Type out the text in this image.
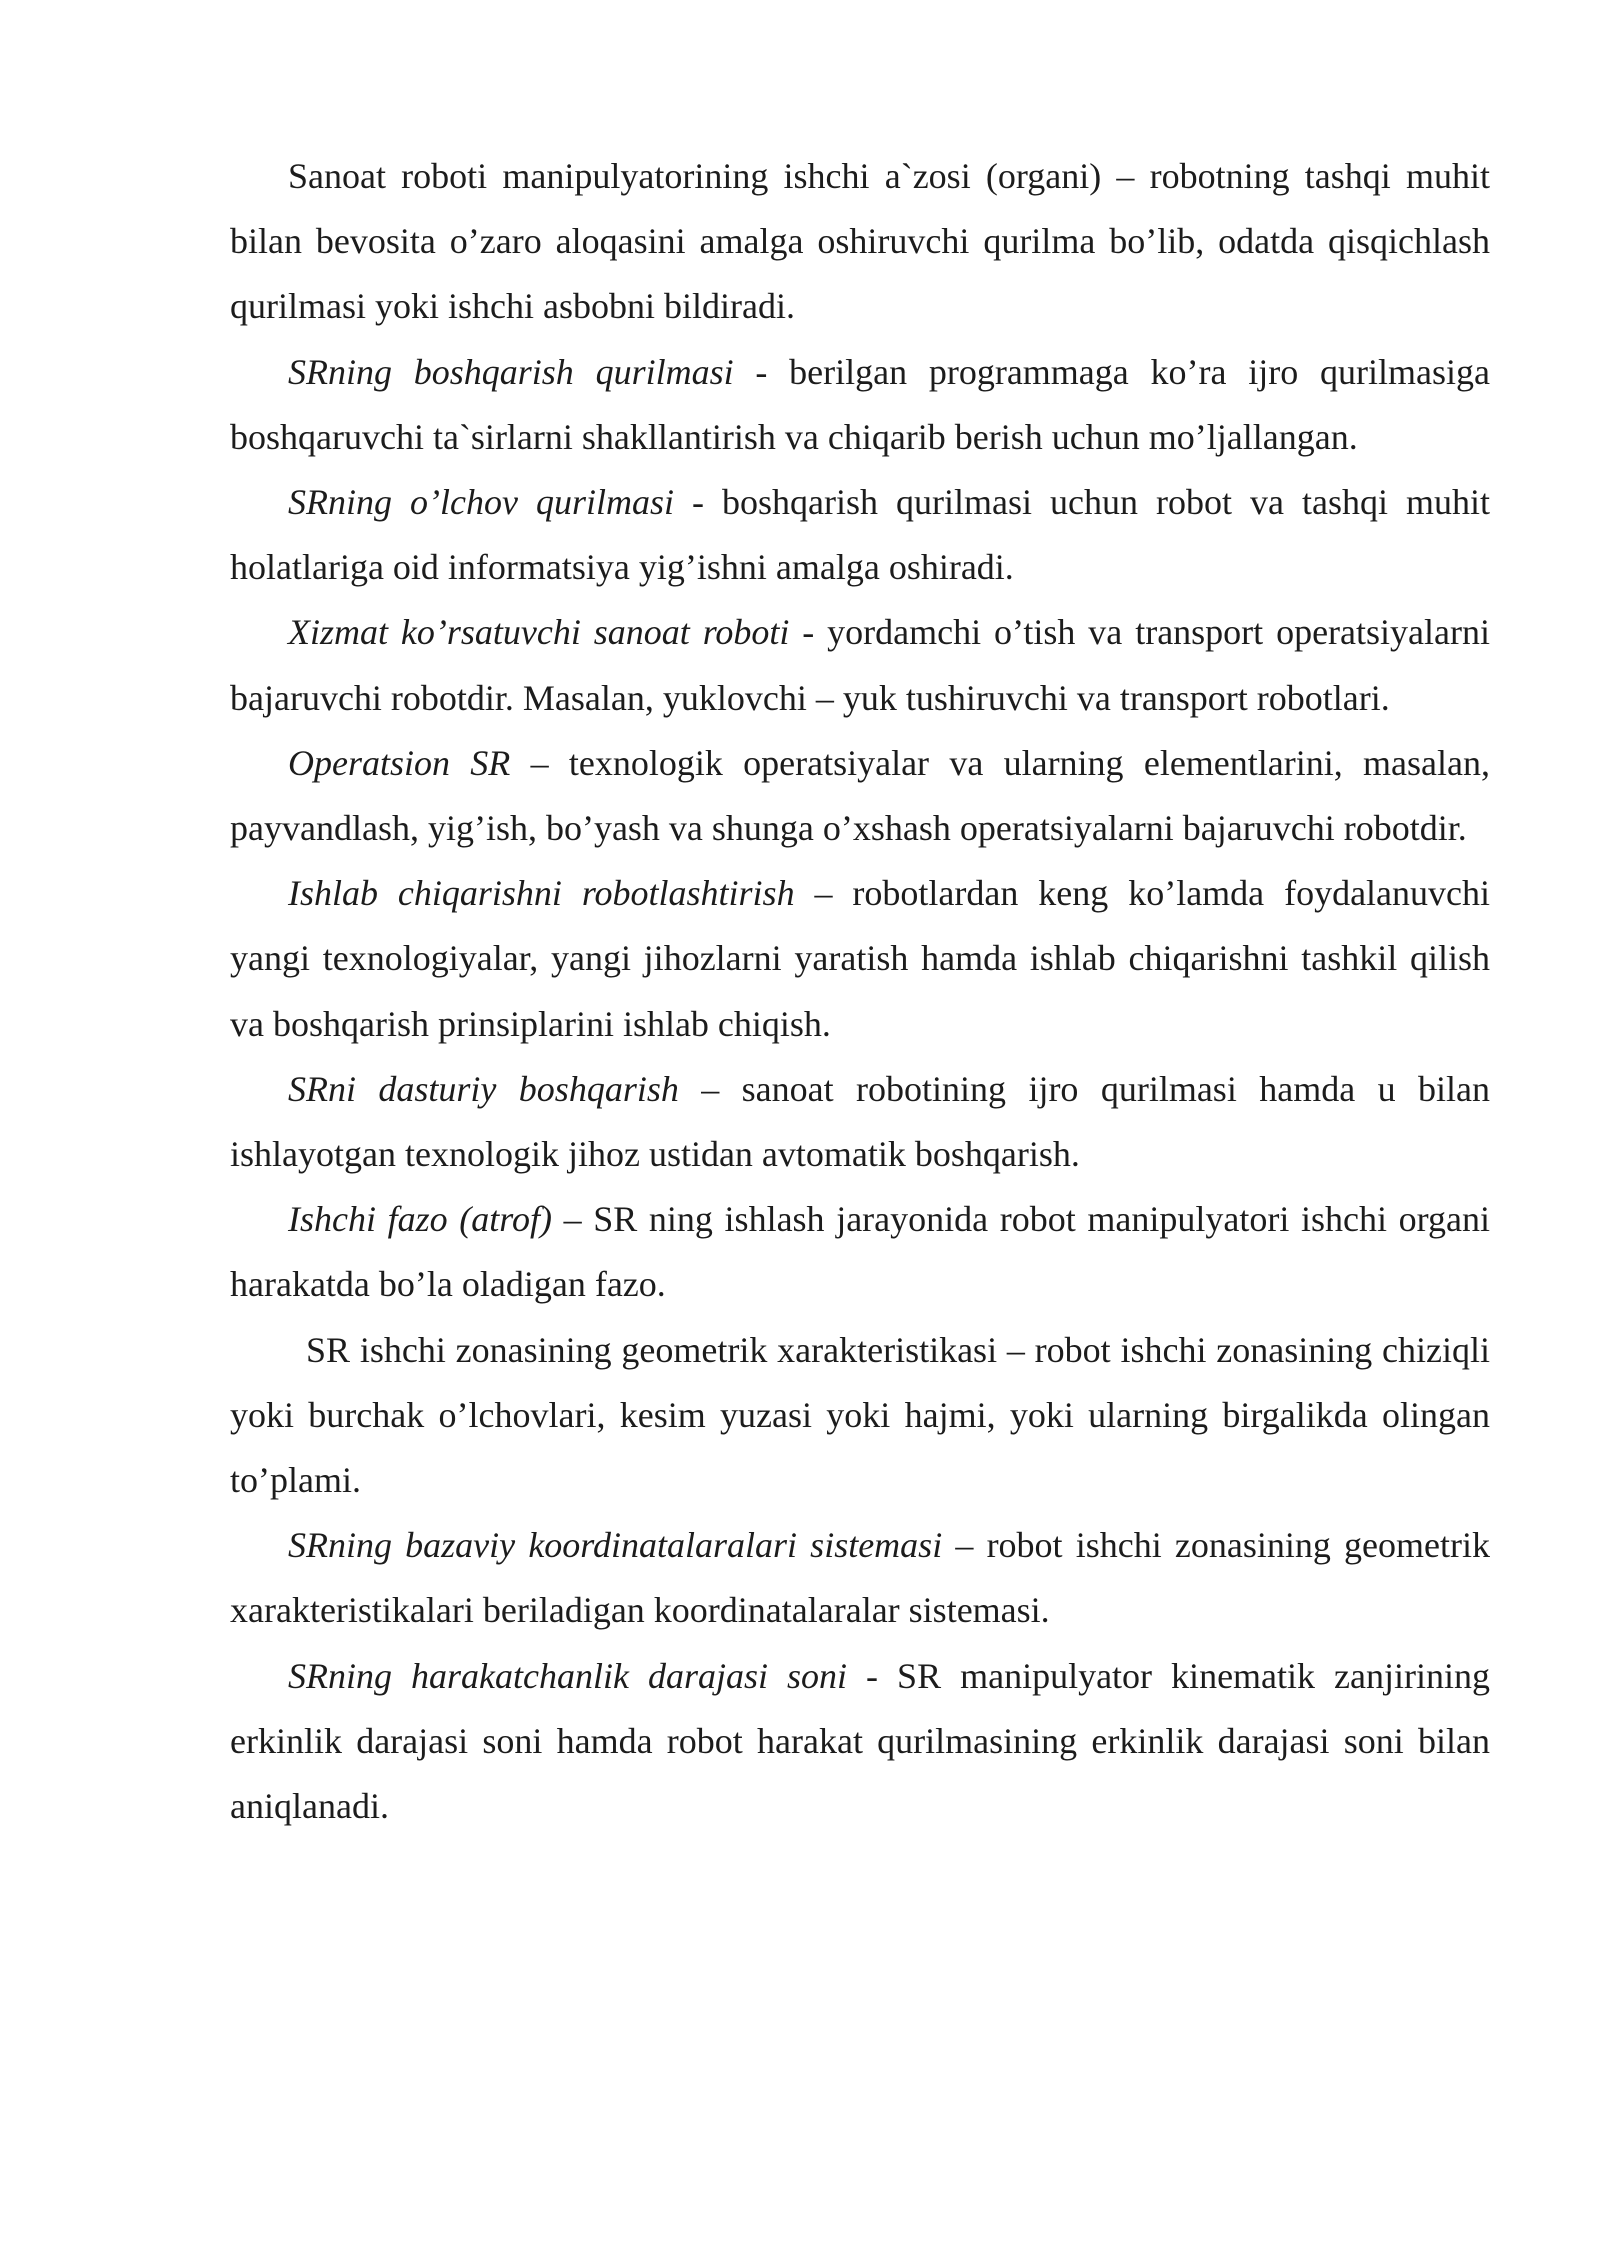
Sanoat roboti manipulyatorining ishchi a`zosi (organi) – robotning tashqi muhit bilan bevosita o’zaro aloqasini amalga oshiruvchi qurilma bo’lib, odatda qisqichlash qurilmasi yoki ishchi asbobni bildiradi.

SRning boshqarish qurilmasi - berilgan programmaga ko’ra ijro qurilmasiga boshqaruvchi ta`sirlarni shakllantirish va chiqarib berish uchun mo’ljallangan.

SRning o’lchov qurilmasi - boshqarish qurilmasi uchun robot va tashqi muhit holatlariga oid informatsiya yig’ishni amalga oshiradi.

Xizmat ko’rsatuvchi sanoat roboti - yordamchi o’tish va transport operatsiyalarni bajaruvchi robotdir. Masalan, yuklovchi – yuk tushiruvchi va transport robotlari.

Operatsion SR – texnologik operatsiyalar va ularning elementlarini, masalan, payvandlash, yig’ish, bo’yash va shunga o’xshash operatsiyalarni bajaruvchi robotdir.

Ishlab chiqarishni robotlashtirish – robotlardan keng ko’lamda foydalanuvchi yangi texnologiyalar, yangi jihozlarni yaratish hamda ishlab chiqarishni tashkil qilish va boshqarish prinsiplarini ishlab chiqish.

SRni dasturiy boshqarish – sanoat robotining ijro qurilmasi hamda u bilan ishlayotgan texnologik jihoz ustidan avtomatik boshqarish.

Ishchi fazo (atrof) – SR ning ishlash jarayonida robot manipulyatori ishchi organi harakatda bo’la oladigan fazo.

SR ishchi zonasining geometrik xarakteristikasi – robot ishchi zonasining chiziqli yoki burchak o’lchovlari, kesim yuzasi yoki hajmi, yoki ularning birgalikda olingan to’plami.

SRning bazaviy koordinatalaralari sistemasi – robot ishchi zonasining geometrik xarakteristikalari beriladigan koordinatalaralar sistemasi.

SRning harakatchanlik darajasi soni - SR manipulyator kinematik zanjirining erkinlik darajasi soni hamda robot harakat qurilmasining erkinlik darajasi soni bilan aniqlanadi.
